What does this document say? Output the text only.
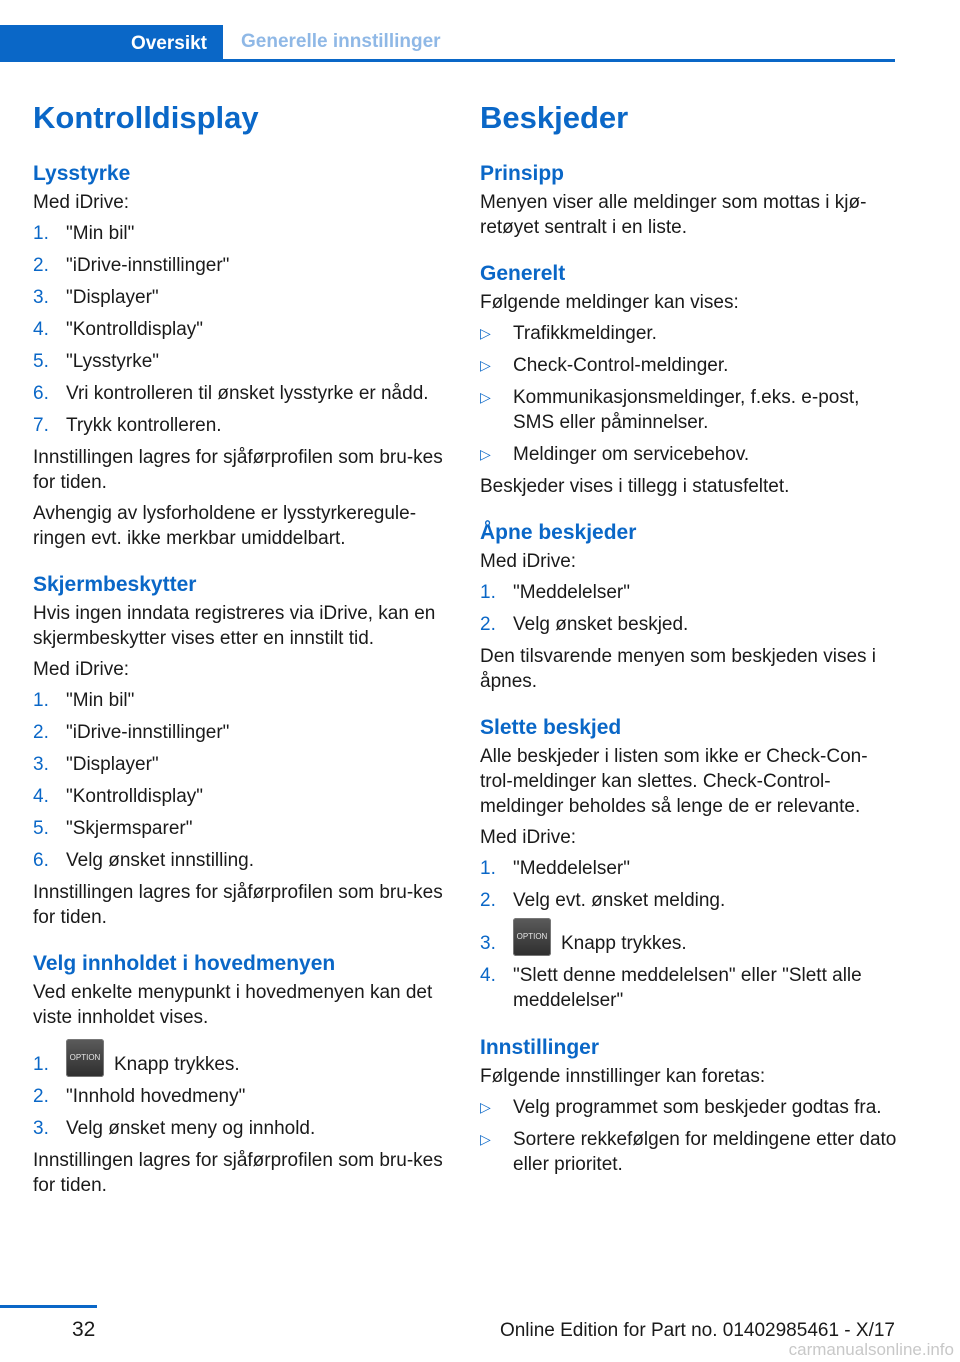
Oversikt	Generelle innstillinger
Kontrolldisplay
Lysstyrke
Med iDrive:
1. "Min bil"
2. "iDrive-innstillinger"
3. "Displayer"
4. "Kontrolldisplay"
5. "Lysstyrke"
6. Vri kontrolleren til ønsket lysstyrke er nådd.
7. Trykk kontrolleren.
Innstillingen lagres for sjåførprofilen som bru-kes for tiden.
Avhengig av lysforholdene er lysstyrkeregule-ringen evt. ikke merkbar umiddelbart.
Skjermbeskytter
Hvis ingen inndata registreres via iDrive, kan en skjermbeskytter vises etter en innstilt tid.
Med iDrive:
1. "Min bil"
2. "iDrive-innstillinger"
3. "Displayer"
4. "Kontrolldisplay"
5. "Skjermsparer"
6. Velg ønsket innstilling.
Innstillingen lagres for sjåførprofilen som bru-kes for tiden.
Velg innholdet i hovedmenyen
Ved enkelte menypunkt i hovedmenyen kan det viste innholdet vises.
1.	OPTION Knapp trykkes.
2. "Innhold hovedmeny"
3. Velg ønsket meny og innhold.
Innstillingen lagres for sjåførprofilen som bru-kes for tiden.
Beskjeder
Prinsipp
Menyen viser alle meldinger som mottas i kjø-retøyet sentralt i en liste.
Generelt
Følgende meldinger kan vises:
▷	Trafikkmeldinger.
▷	Check-Control-meldinger.
▷	Kommunikasjonsmeldinger, f.eks. e-post, SMS eller påminnelser.
▷	Meldinger om servicebehov.
Beskjeder vises i tillegg i statusfeltet.
Åpne beskjeder
Med iDrive:
1. "Meddelelser"
2. Velg ønsket beskjed.
Den tilsvarende menyen som beskjeden vises i åpnes.
Slette beskjed
Alle beskjeder i listen som ikke er Check-Con-trol-meldinger kan slettes. Check-Control-meldinger beholdes så lenge de er relevante.
Med iDrive:
1. "Meddelelser"
2. Velg evt. ønsket melding.
3.	OPTION Knapp trykkes.
4. "Slett denne meddelelsen" eller "Slett alle meddelelser"
Innstillinger
Følgende innstillinger kan foretas:
▷	Velg programmet som beskjeder godtas fra.
▷	Sortere rekkefølgen for meldingene etter dato eller prioritet.
32	Online Edition for Part no. 01402985461 - X/17
carmanualsonline.info
